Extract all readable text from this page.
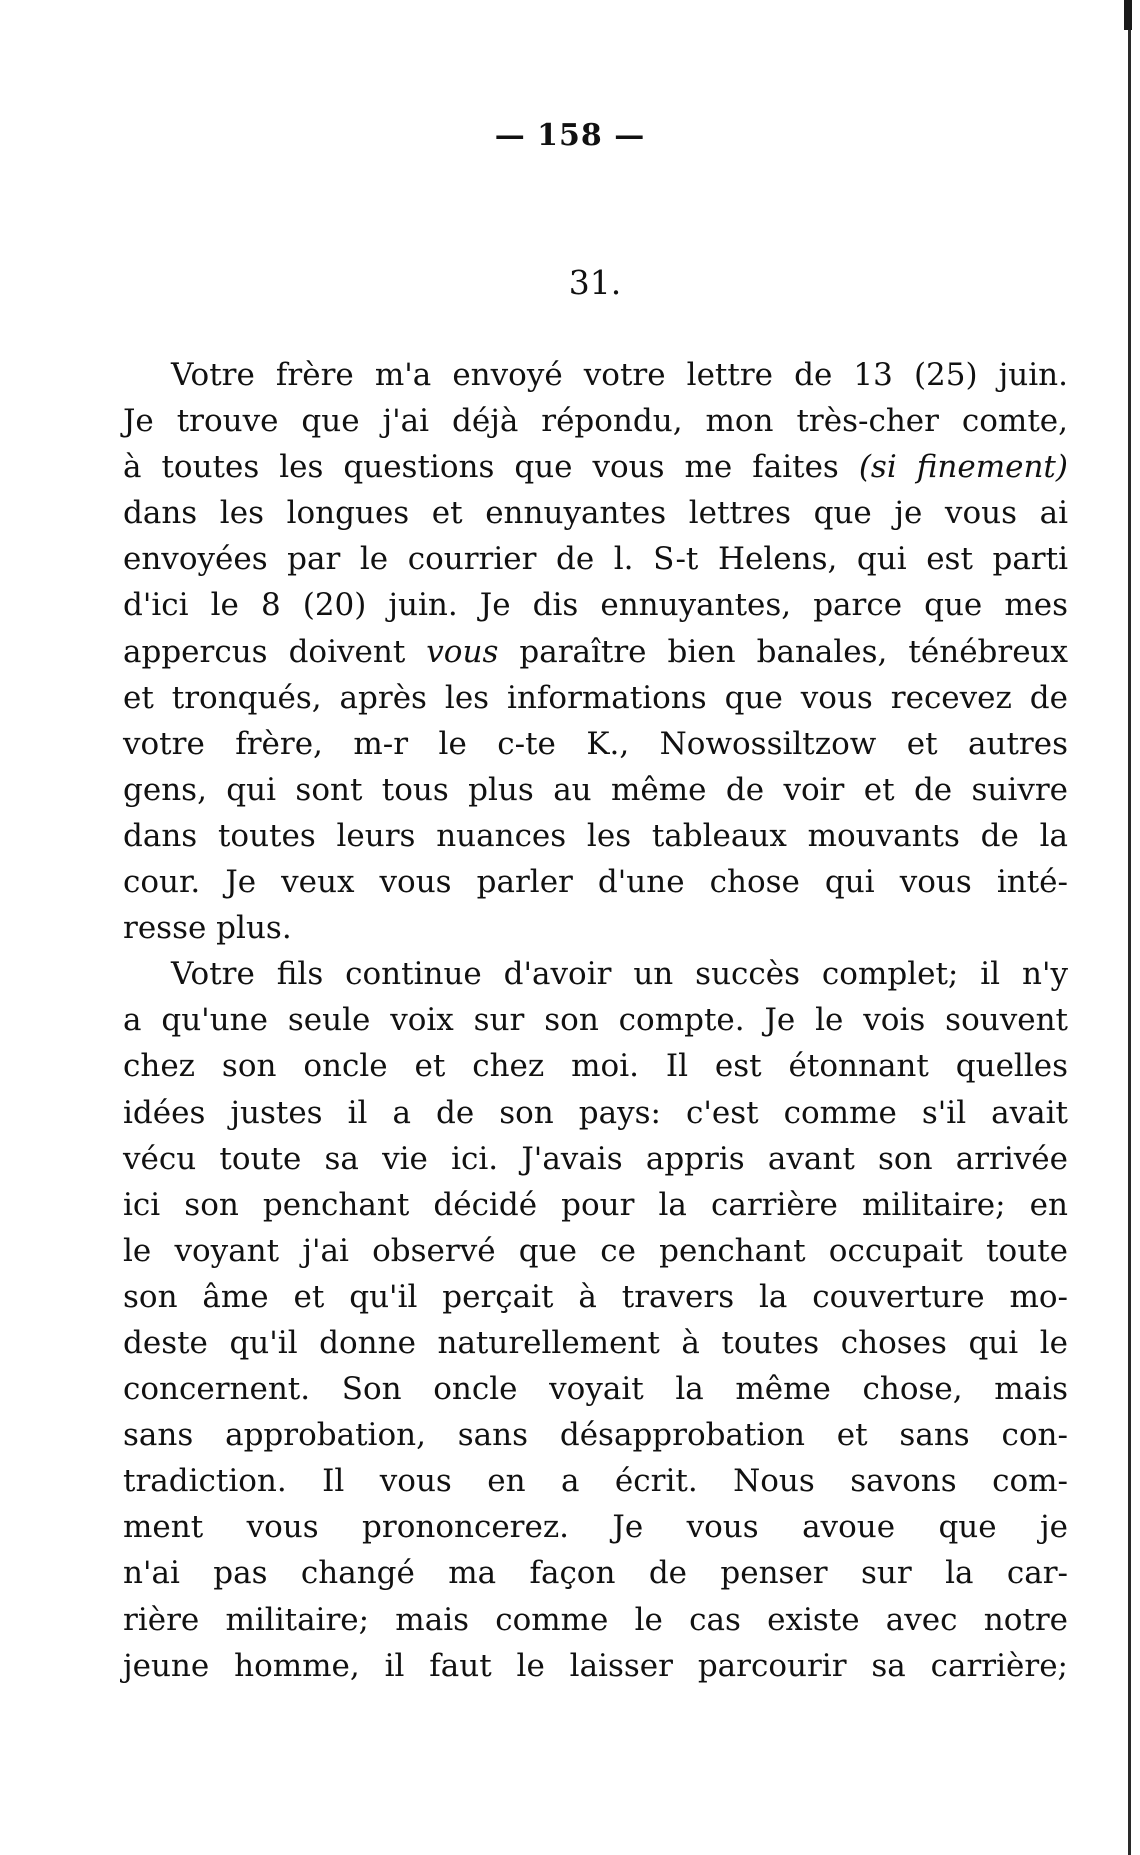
— 158 —
31.
Votre frère m'a envoyé votre lettre de 13 (25) juin.
Je trouve que j'ai déjà répondu, mon très-cher comte,
à toutes les questions que vous me faites (si finement)
dans les longues et ennuyantes lettres que je vous ai
envoyées par le courrier de l. S-t Helens, qui est parti
d'ici le 8 (20) juin. Je dis ennuyantes, parce que mes
appercus doivent vous paraître bien banales, ténébreux
et tronqués, après les informations que vous recevez de
votre frère, m-r le c-te K., Nowossiltzow et autres
gens, qui sont tous plus au même de voir et de suivre
dans toutes leurs nuances les tableaux mouvants de la
cour. Je veux vous parler d'une chose qui vous inté-
resse plus.
Votre fils continue d'avoir un succès complet; il n'y
a qu'une seule voix sur son compte. Je le vois souvent
chez son oncle et chez moi. Il est étonnant quelles
idées justes il a de son pays: c'est comme s'il avait
vécu toute sa vie ici. J'avais appris avant son arrivée
ici son penchant décidé pour la carrière militaire; en
le voyant j'ai observé que ce penchant occupait toute
son âme et qu'il perçait à travers la couverture mo-
deste qu'il donne naturellement à toutes choses qui le
concernent. Son oncle voyait la même chose, mais
sans approbation, sans désapprobation et sans con-
tradiction. Il vous en a écrit. Nous savons com-
ment vous prononcerez. Je vous avoue que je
n'ai pas changé ma façon de penser sur la car-
rière militaire; mais comme le cas existe avec notre
jeune homme, il faut le laisser parcourir sa carrière;
